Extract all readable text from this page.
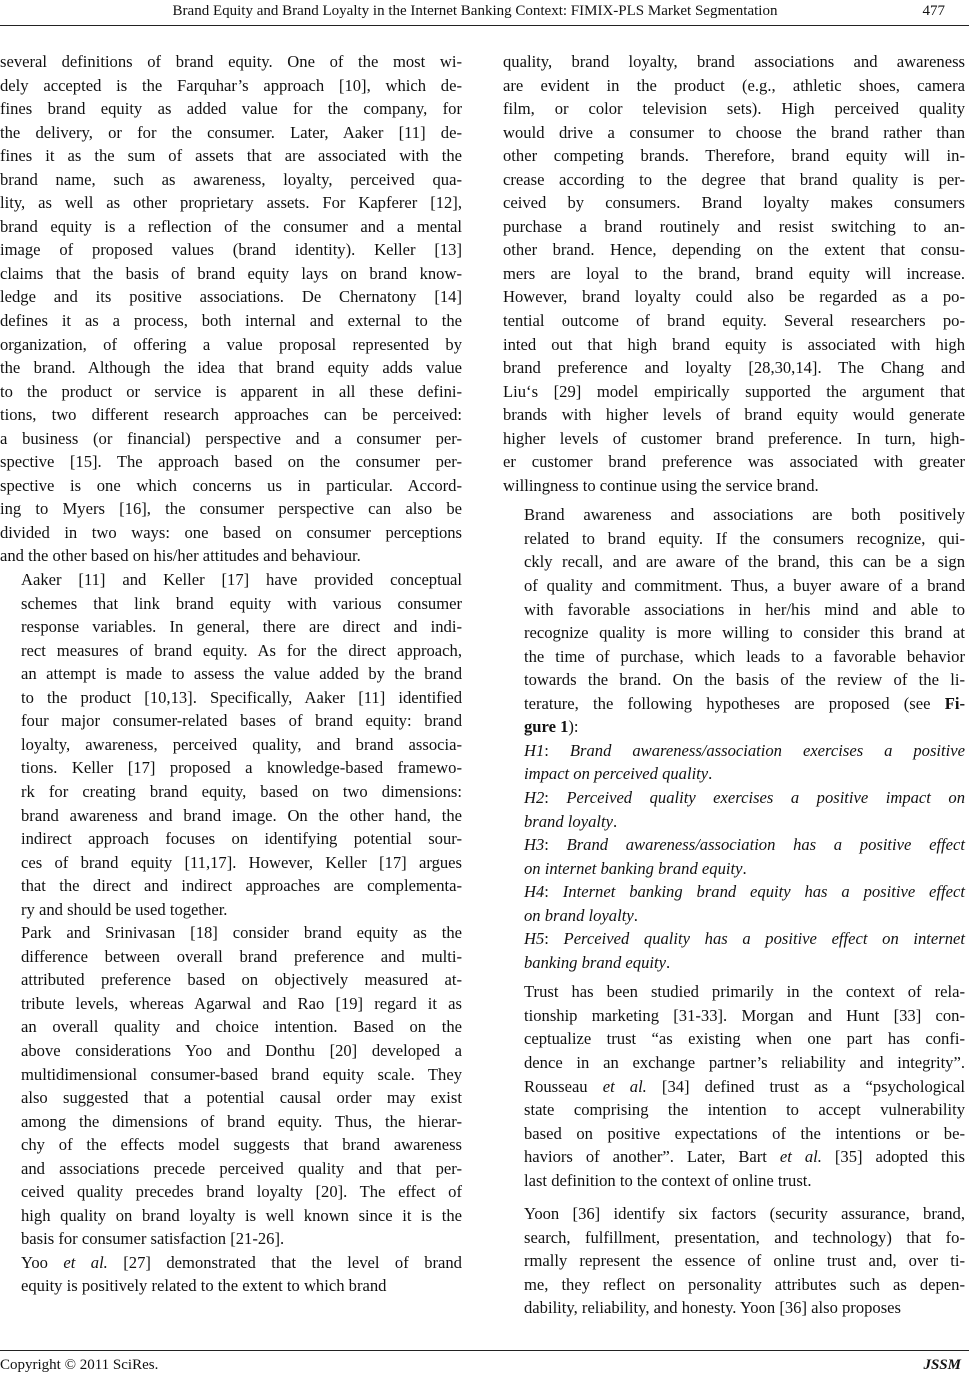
Brand Equity and Brand Loyalty in the Internet Banking Context: FIMIX-PLS Market Segmentation	477

several definitions of brand equity. One of the most wi-
dely accepted is the Farquhar’s approach [10], which de-
fines brand equity as added value for the company, for
the delivery, or for the consumer. Later, Aaker [11] de-
fines it as the sum of assets that are associated with the
brand name, such as awareness, loyalty, perceived qua-
lity, as well as other proprietary assets. For Kapferer [12],
brand equity is a reflection of the consumer and a mental
image of proposed values (brand identity). Keller [13]
claims that the basis of brand equity lays on brand know-
ledge and its positive associations. De Chernatony [14]
defines it as a process, both internal and external to the
organization, of offering a value proposal represented by
the brand. Although the idea that brand equity adds value
to the product or service is apparent in all these defini-
tions, two different research approaches can be perceived:
a business (or financial) perspective and a consumer per-
spective [15]. The approach based on the consumer per-
spective is one which concerns us in particular. Accord-
ing to Myers [16], the consumer perspective can also be
divided in two ways: one based on consumer perceptions
and the other based on his/her attitudes and behaviour.

Aaker [11] and Keller [17] have provided conceptual
schemes that link brand equity with various consumer
response variables. In general, there are direct and indi-
rect measures of brand equity. As for the direct approach,
an attempt is made to assess the value added by the brand
to the product [10,13]. Specifically, Aaker [11] identified
four major consumer-related bases of brand equity: brand
loyalty, awareness, perceived quality, and brand associa-
tions. Keller [17] proposed a knowledge-based framewo-
rk for creating brand equity, based on two dimensions:
brand awareness and brand image. On the other hand, the
indirect approach focuses on identifying potential sour-
ces of brand equity [11,17]. However, Keller [17] argues
that the direct and indirect approaches are complementa-
ry and should be used together.

Park and Srinivasan [18] consider brand equity as the
difference between overall brand preference and multi-
attributed preference based on objectively measured at-
tribute levels, whereas Agarwal and Rao [19] regard it as
an overall quality and choice intention. Based on the
above considerations Yoo and Donthu [20] developed a
multidimensional consumer-based brand equity scale. They
also suggested that a potential causal order may exist
among the dimensions of brand equity. Thus, the hierar-
chy of the effects model suggests that brand awareness
and associations precede perceived quality and that per-
ceived quality precedes brand loyalty [20]. The effect of
high quality on brand loyalty is well known since it is the
basis for consumer satisfaction [21-26].

Yoo et al. [27] demonstrated that the level of brand
equity is positively related to the extent to which brand

quality, brand loyalty, brand associations and awareness
are evident in the product (e.g., athletic shoes, camera
film, or color television sets). High perceived quality
would drive a consumer to choose the brand rather than
other competing brands. Therefore, brand equity will in-
crease according to the degree that brand quality is per-
ceived by consumers. Brand loyalty makes consumers
purchase a brand routinely and resist switching to an-
other brand. Hence, depending on the extent that consu-
mers are loyal to the brand, brand equity will increase.
However, brand loyalty could also be regarded as a po-
tential outcome of brand equity. Several researchers po-
inted out that high brand equity is associated with high
brand preference and loyalty [28,30,14]. The Chang and
Liu‘s [29] model empirically supported the argument that
brands with higher levels of brand equity would generate
higher levels of customer brand preference. In turn, high-
er customer brand preference was associated with greater
willingness to continue using the service brand.

Brand awareness and associations are both positively
related to brand equity. If the consumers recognize, qui-
ckly recall, and are aware of the brand, this can be a sign
of quality and commitment. Thus, a buyer aware of a brand
with favorable associations in her/his mind and able to
recognize quality is more willing to consider this brand at
the time of purchase, which leads to a favorable behavior
towards the brand. On the basis of the review of the li-
terature, the following hypotheses are proposed (see Fi-
gure 1):

H1: Brand awareness/association exercises a positive
impact on perceived quality.

H2: Perceived quality exercises a positive impact on
brand loyalty.

H3: Brand awareness/association has a positive effect
on internet banking brand equity.

H4: Internet banking brand equity has a positive effect
on brand loyalty.

H5: Perceived quality has a positive effect on internet
banking brand equity.

Trust has been studied primarily in the context of rela-
tionship marketing [31-33]. Morgan and Hunt [33] con-
ceptualize trust “as existing when one part has confi-
dence in an exchange partner’s reliability and integrity”.
Rousseau et al. [34] defined trust as a “psychological
state comprising the intention to accept vulnerability
based on positive expectations of the intentions or be-
haviors of another”. Later, Bart et al. [35] adopted this
last definition to the context of online trust.

Yoon [36] identify six factors (security assurance, brand,
search, fulfillment, presentation, and technology) that fo-
rmally represent the essence of online trust and, over ti-
me, they reflect on personality attributes such as depen-
dability, reliability, and honesty. Yoon [36] also proposes

Copyright © 2011 SciRes.	JSSM
